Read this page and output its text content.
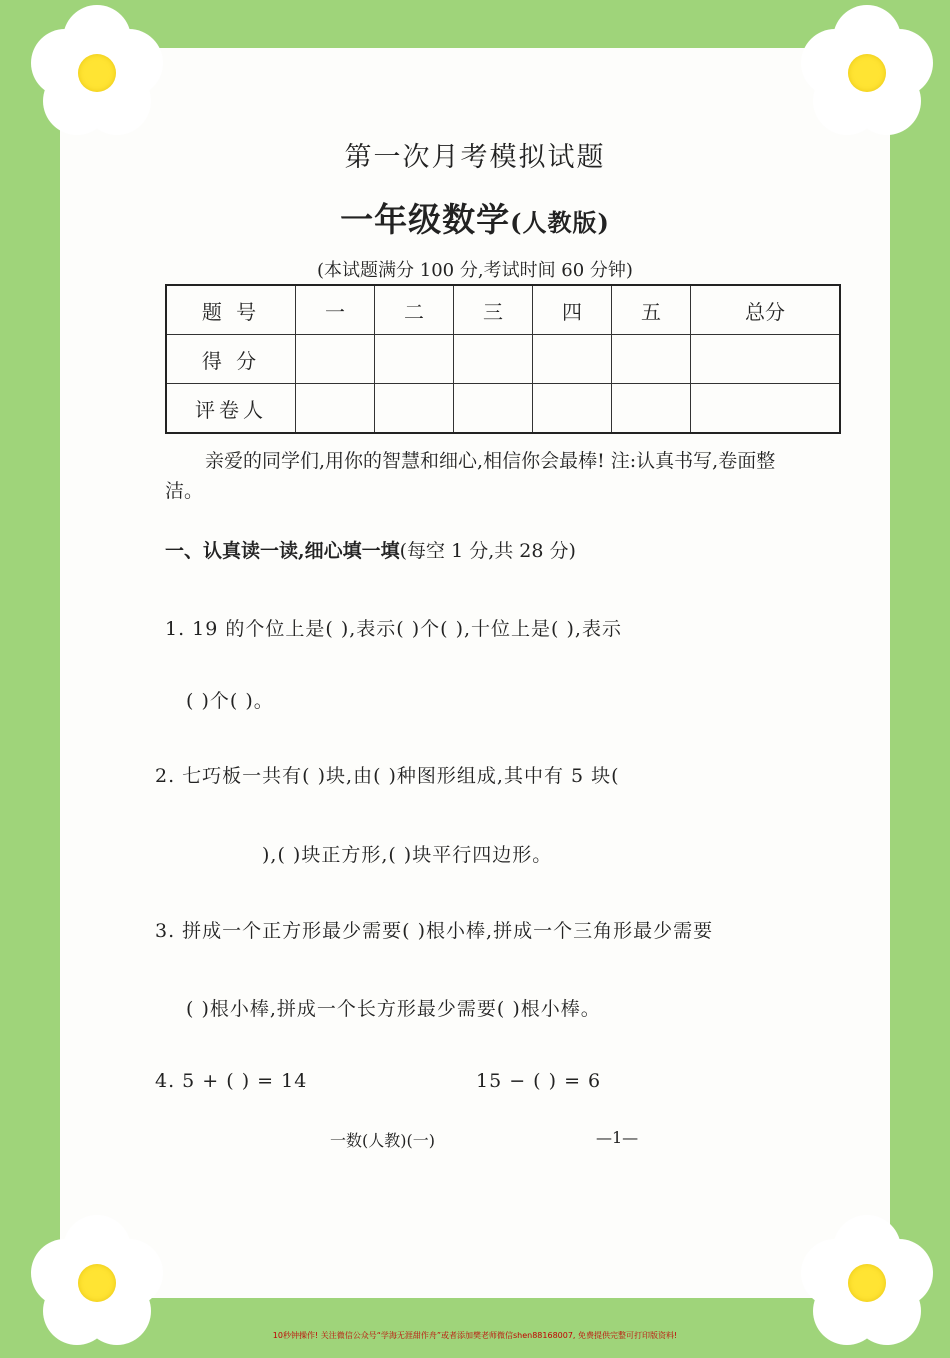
第一次月考模拟试题
一年级数学(人教版)
(本试题满分 100 分,考试时间 60 分钟)
题 号	一	二	三	四	五	总分
得 分						
评卷人						
亲爱的同学们,用你的智慧和细心,相信你会最棒! 注:认真书写,卷面整
洁。
一、认真读一读,细心填一填(每空 1 分,共 28 分)
1. 19 的个位上是( ),表示( )个( ),十位上是( ),表示
( )个( )。
2. 七巧板一共有( )块,由( )种图形组成,其中有 5 块(
),( )块正方形,( )块平行四边形。
3. 拼成一个正方形最少需要( )根小棒,拼成一个三角形最少需要
( )根小棒,拼成一个长方形最少需要( )根小棒。
4. 5 + ( ) = 14	15 − ( ) = 6
一数(人教)(一)	—1—
10秒钟操作! 关注微信公众号“学海无涯甜作舟”或者添加樊老师微信shen88168007, 免费提供完整可打印版资料!
